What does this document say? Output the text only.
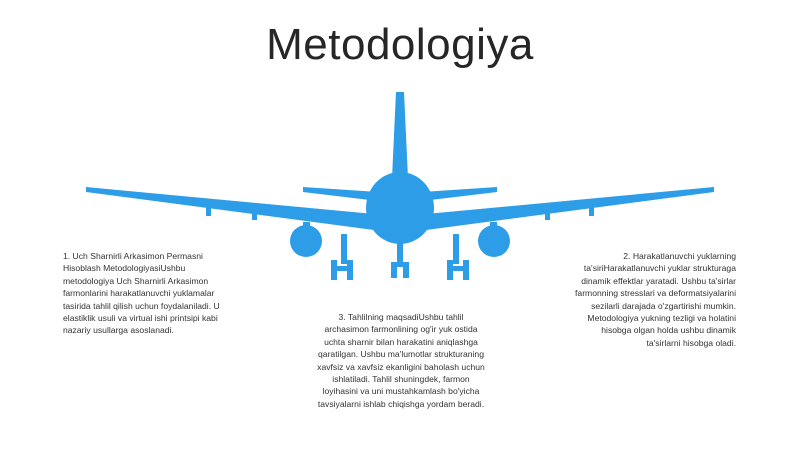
Metodologiya
1. Uch Sharnirli Arkasimon Permasni Hisoblash MetodologiyasiUshbu metodologiya Uch Sharnirli Arkasimon farmonlarini harakatlanuvchi yuklamalar tasirida tahlil qilish uchun foydalaniladi. U elastiklik usuli va virtual ishi printsipi kabi nazariy usullarga asoslanadi.
2. Harakatlanuvchi yuklarning ta'siriHarakatlanuvchi yuklar strukturaga dinamik effektlar yaratadi. Ushbu ta'sirlar farmonning stresslari va deformatsiyalarini sezilarli darajada o'zgartirishi mumkin. Metodologiya yukning tezligi va holatini hisobga olgan holda ushbu dinamik ta'sirlarni hisobga oladi.
3. Tahlilning maqsadiUshbu tahlil archasimon farmonlining og'ir yuk ostida uchta sharnir bilan harakatini aniqlashga qaratilgan. Ushbu ma'lumotlar strukturaning xavfsiz va xavfsiz ekanligini baholash uchun ishlatiladi. Tahlil shuningdek, farmon loyihasini va uni mustahkamlash bo'yicha tavsiyalarni ishlab chiqishga yordam beradi.
